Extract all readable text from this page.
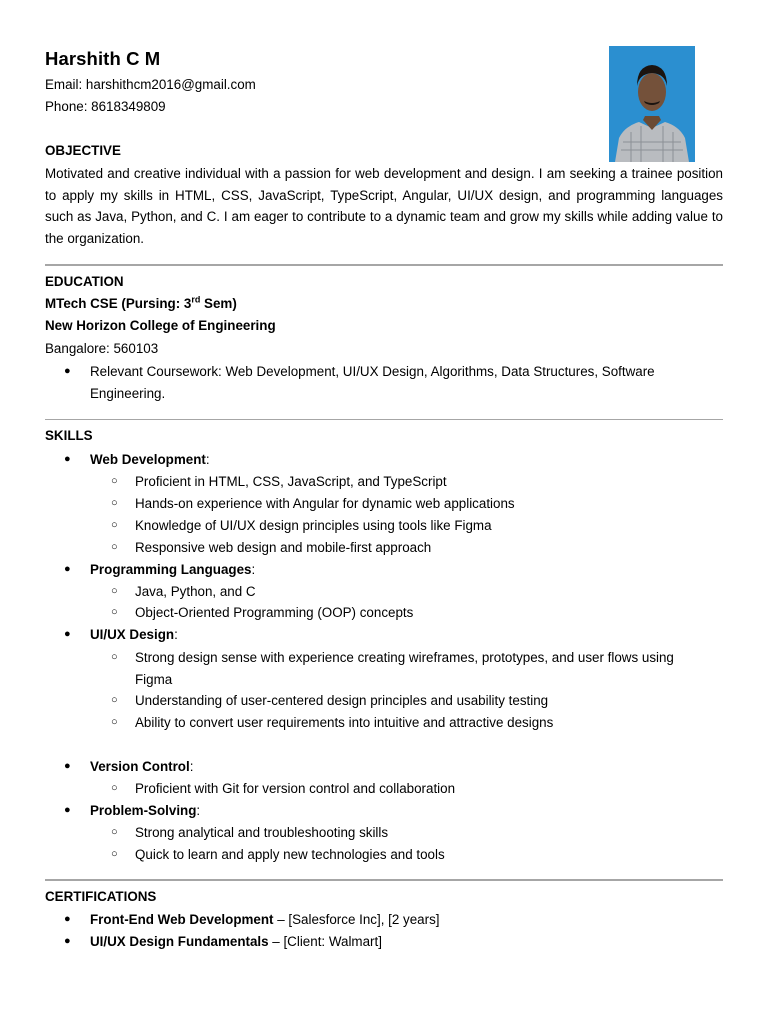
Harshith C M
Email: harshithcm2016@gmail.com
Phone: 8618349809
OBJECTIVE
Motivated and creative individual with a passion for web development and design. I am seeking a trainee position to apply my skills in HTML, CSS, JavaScript, TypeScript, Angular, UI/UX design, and programming languages such as Java, Python, and C. I am eager to contribute to a dynamic team and grow my skills while adding value to the organization.
EDUCATION
MTech CSE (Pursing: 3rd Sem)
New Horizon College of Engineering
Bangalore: 560103
● Relevant Coursework: Web Development, UI/UX Design, Algorithms, Data Structures, Software
Engineering.
SKILLS
● Web Development:
○ Proficient in HTML, CSS, JavaScript, and TypeScript
○ Hands-on experience with Angular for dynamic web applications
○ Knowledge of UI/UX design principles using tools like Figma
○ Responsive web design and mobile-first approach
● Programming Languages:
○ Java, Python, and C
○ Object-Oriented Programming (OOP) concepts
● UI/UX Design:
○ Strong design sense with experience creating wireframes, prototypes, and user flows using
Figma
○ Understanding of user-centered design principles and usability testing
○ Ability to convert user requirements into intuitive and attractive designs
● Version Control:
○ Proficient with Git for version control and collaboration
● Problem-Solving:
○ Strong analytical and troubleshooting skills
○ Quick to learn and apply new technologies and tools
CERTIFICATIONS
● Front-End Web Development – [Salesforce Inc], [2 years]
● UI/UX Design Fundamentals – [Client: Walmart]
